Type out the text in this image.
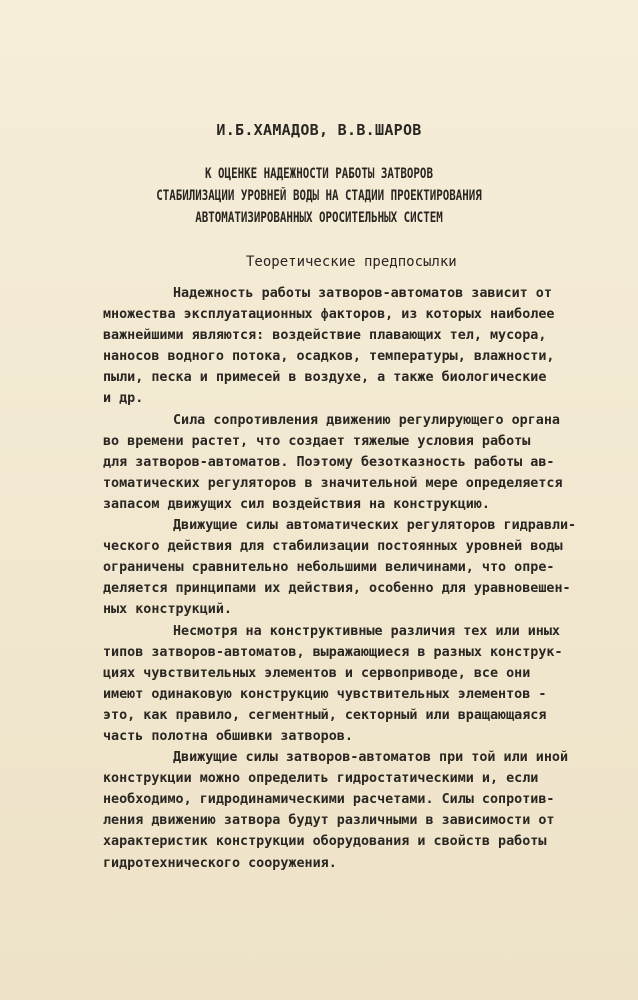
И.Б.ХАМАДОВ, В.В.ШАРОВ
К ОЦЕНКЕ НАДЕЖНОСТИ РАБОТЫ ЗАТВОРОВ
СТАБИЛИЗАЦИИ УРОВНЕЙ ВОДЫ НА СТАДИИ ПРОЕКТИРОВАНИЯ
АВТОМАТИЗИРОВАННЫХ ОРОСИТЕЛЬНЫХ СИСТЕМ
Теоретические предпосылки
Надежность работы затворов-автоматов зависит от
множества эксплуатационных факторов, из которых наиболее
важнейшими являются: воздействие плавающих тел, мусора,
наносов водного потока, осадков, температуры, влажности,
пыли, песка и примесей в воздухе, а также биологические
и др.
Сила сопротивления движению регулирующего органа
во времени растет, что создает тяжелые условия работы
для затворов-автоматов. Поэтому безотказность работы ав-
томатических регуляторов в значительной мере определяется
запасом движущих сил воздействия на конструкцию.
Движущие силы автоматических регуляторов гидравли-
ческого действия для стабилизации постоянных уровней воды
ограничены сравнительно небольшими величинами, что опре-
деляется принципами их действия, особенно для уравновешен-
ных конструкций.
Несмотря на конструктивные различия тех или иных
типов затворов-автоматов, выражающиеся в разных конструк-
циях чувствительных элементов и сервоприводе, все они
имеют одинаковую конструкцию чувствительных элементов -
это, как правило, сегментный, секторный или вращающаяся
часть полотна обшивки затворов.
Движущие силы затворов-автоматов при той или иной
конструкции можно определить гидростатическими и, если
необходимо, гидродинамическими расчетами. Силы сопротив-
ления движению затвора будут различными в зависимости от
характеристик конструкции оборудования и свойств работы
гидротехнического сооружения.
